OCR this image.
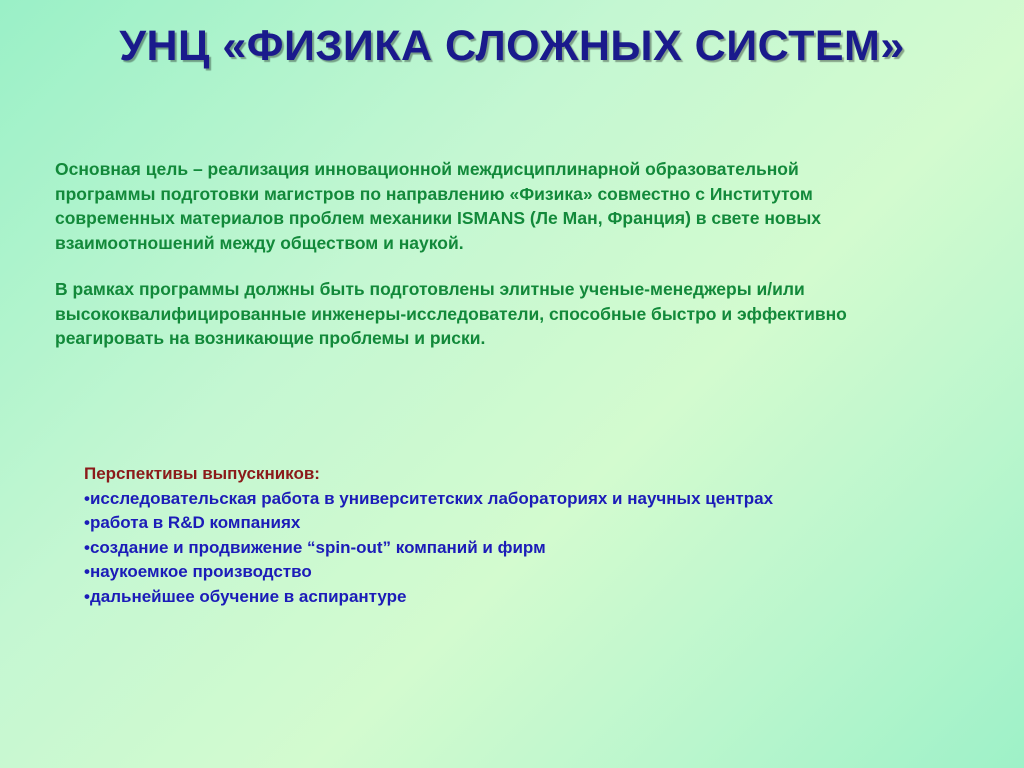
УНЦ «ФИЗИКА СЛОЖНЫХ СИСТЕМ»

Основная цель – реализация инновационной междисциплинарной образовательной
программы подготовки магистров по направлению «Физика» совместно с Институтом
современных материалов проблем механики ISMANS (Ле Ман, Франция) в свете новых
взаимоотношений между обществом и наукой.

В рамках программы должны быть подготовлены элитные ученые-менеджеры и/или
высококвалифицированные инженеры-исследователи, способные быстро и эффективно
реагировать на возникающие проблемы и риски.

Перспективы выпускников:
•исследовательская работа в университетских лабораториях и научных центрах
•работа в R&D компаниях
•создание и продвижение “spin-out” компаний и фирм
•наукоемкое производство
•дальнейшее обучение в аспирантуре
